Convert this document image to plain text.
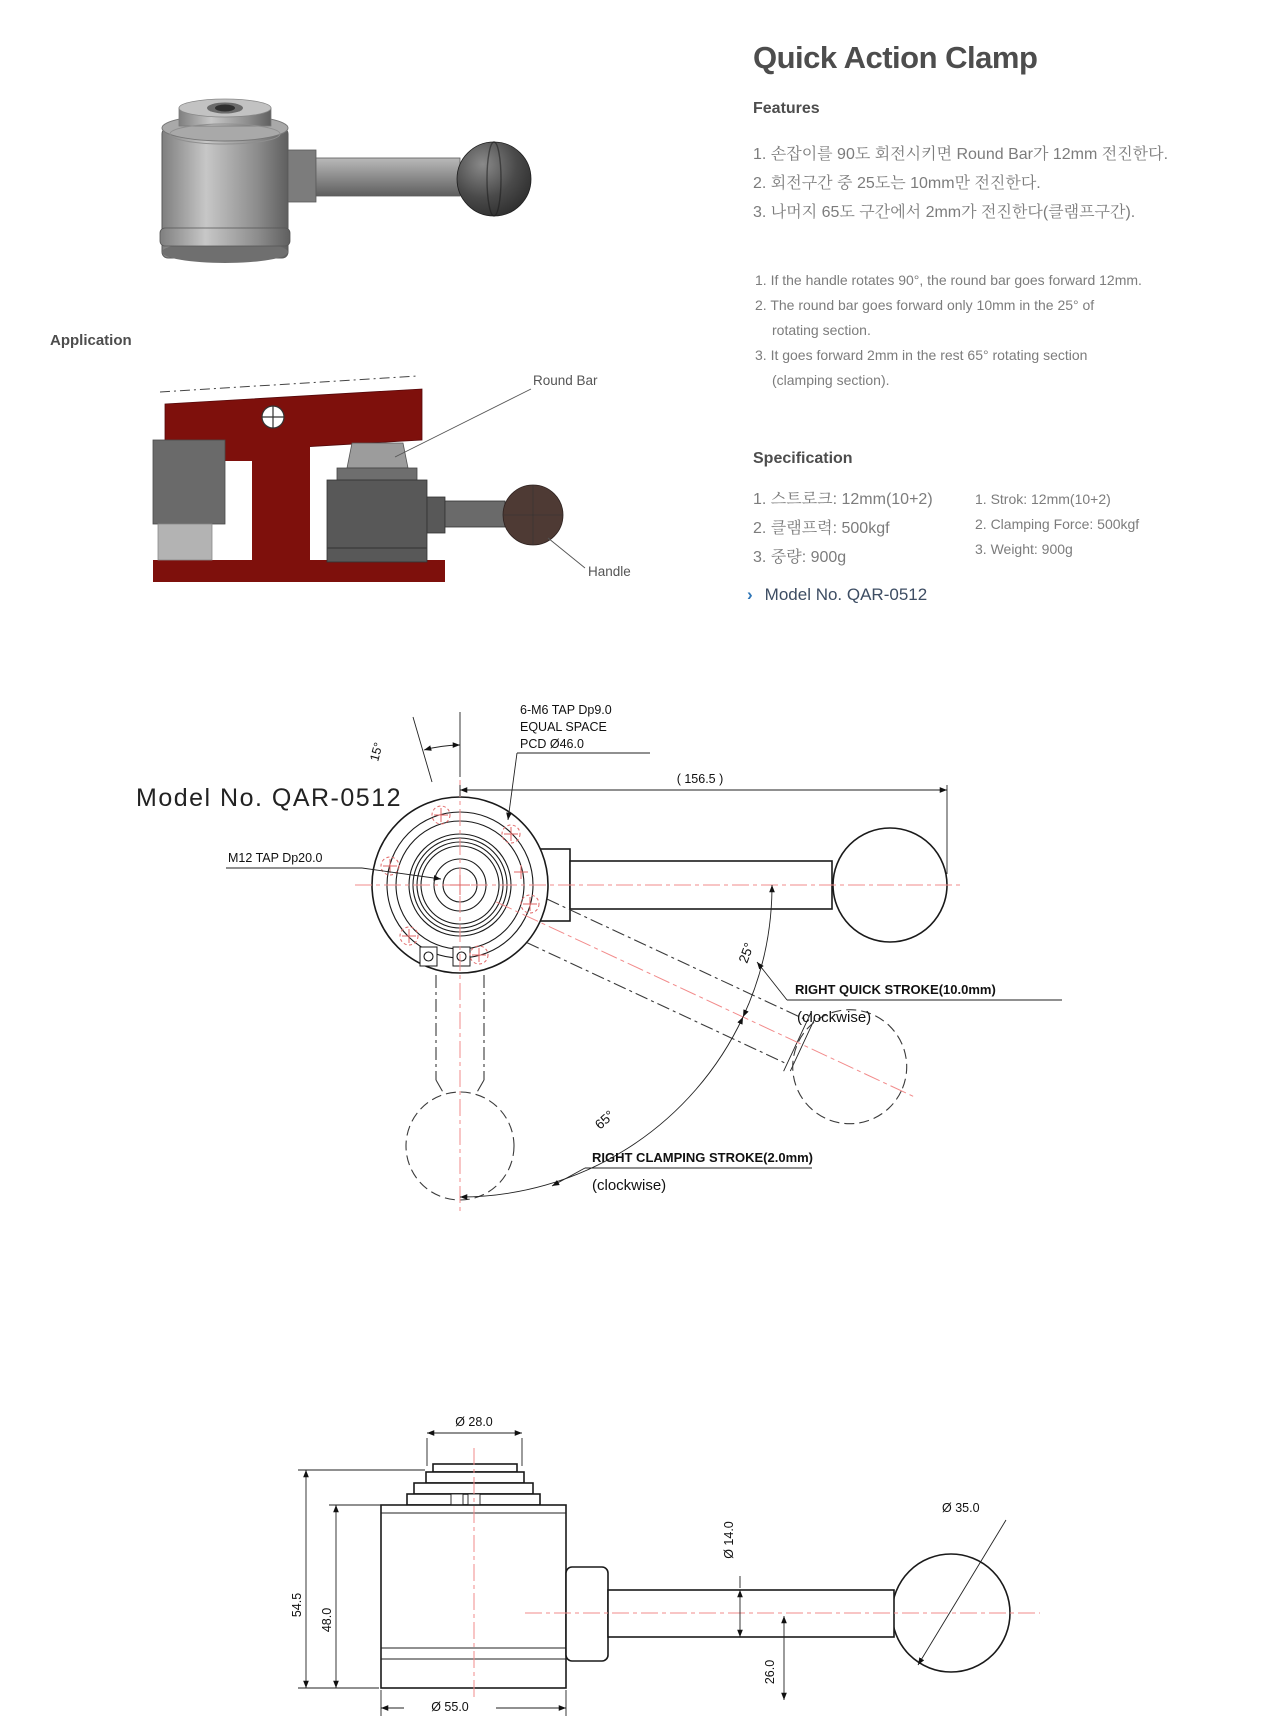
Quick Action Clamp
Features
1. 손잡이를 90도 회전시키면 Round Bar가 12mm 전진한다.
2. 회전구간 중 25도는 10mm만 전진한다.
3. 나머지 65도 구간에서 2mm가 전진한다(클램프구간).
1. If the handle rotates 90°, the round bar goes forward 12mm.
2. The round bar goes forward only 10mm in the 25° of
rotating section.
3. It goes forward 2mm in the rest 65° rotating section
(clamping section).
Specification
1. 스트로크: 12mm(10+2)
2. 클램프력: 500kgf
3. 중량: 900g
1. Strok: 12mm(10+2)
2. Clamping Force: 500kgf
3. Weight: 900g
› Model No. QAR-0512
Application
Round Bar
Handle
Model No. QAR-0512
( 156.5 )
6-M6 TAP Dp9.0
EQUAL SPACE
PCD Ø46.0
15°
M12 TAP Dp20.0
25°
RIGHT QUICK STROKE(10.0mm)
(clockwise)
65°
RIGHT CLAMPING STROKE(2.0mm)
(clockwise)
Ø 28.0
54.5
48.0
Ø 14.0
26.0
Ø 35.0
Ø 55.0
